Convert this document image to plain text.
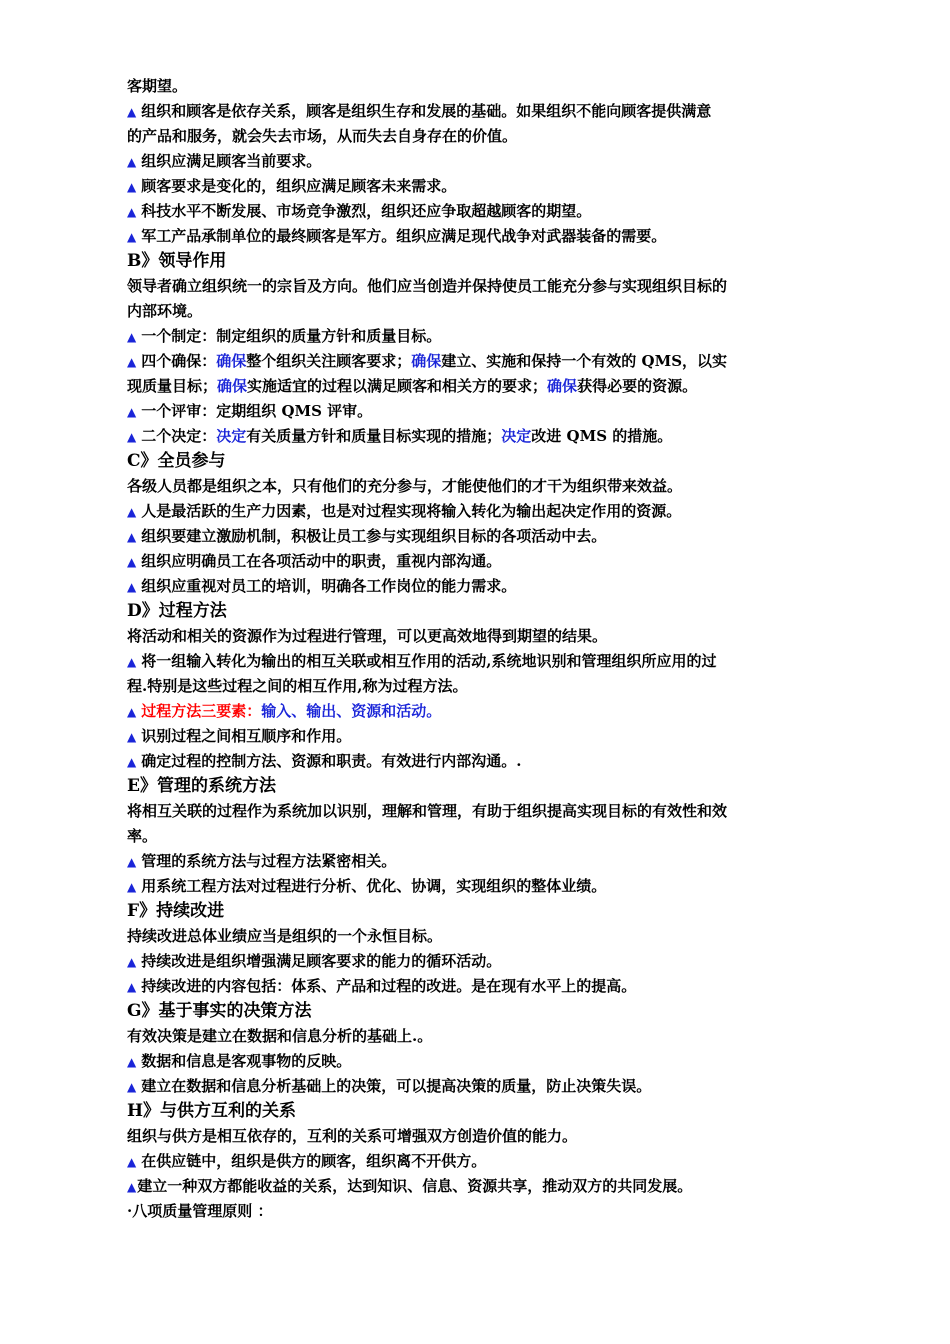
客期望。
▲ 组织和顾客是依存关系，顾客是组织生存和发展的基础。如果组织不能向顾客提供满意
的产品和服务，就会失去市场，从而失去自身存在的价值。
▲ 组织应满足顾客当前要求。
▲ 顾客要求是变化的，组织应满足顾客未来需求。
▲ 科技水平不断发展、市场竞争激烈，组织还应争取超越顾客的期望。
▲ 军工产品承制单位的最终顾客是军方。组织应满足现代战争对武器装备的需要。
B》领导作用
领导者确立组织统一的宗旨及方向。他们应当创造并保持使员工能充分参与实现组织目标的
内部环境。
▲ 一个制定：制定组织的质量方针和质量目标。
▲ 四个确保：确保整个组织关注顾客要求；确保建立、实施和保持一个有效的 QMS，以实
现质量目标；确保实施适宜的过程以满足顾客和相关方的要求；确保获得必要的资源。
▲ 一个评审：定期组织 QMS 评审。
▲ 二个决定：决定有关质量方针和质量目标实现的措施；决定改进 QMS 的措施。
C》全员参与
各级人员都是组织之本，只有他们的充分参与，才能使他们的才干为组织带来效益。
▲ 人是最活跃的生产力因素，也是对过程实现将输入转化为输出起决定作用的资源。
▲ 组织要建立激励机制，积极让员工参与实现组织目标的各项活动中去。
▲ 组织应明确员工在各项活动中的职责，重视内部沟通。
▲ 组织应重视对员工的培训，明确各工作岗位的能力需求。
D》过程方法
将活动和相关的资源作为过程进行管理，可以更高效地得到期望的结果。
▲ 将一组输入转化为输出的相互关联或相互作用的活动,系统地识别和管理组织所应用的过
程.特别是这些过程之间的相互作用,称为过程方法。
▲ 过程方法三要素：输入、输出、资源和活动。
▲ 识别过程之间相互顺序和作用。
▲ 确定过程的控制方法、资源和职责。有效进行内部沟通。.
E》管理的系统方法
将相互关联的过程作为系统加以识别，理解和管理，有助于组织提高实现目标的有效性和效
率。
▲ 管理的系统方法与过程方法紧密相关。
▲ 用系统工程方法对过程进行分析、优化、协调，实现组织的整体业绩。
F》持续改进
持续改进总体业绩应当是组织的一个永恒目标。
▲ 持续改进是组织增强满足顾客要求的能力的循环活动。
▲ 持续改进的内容包括：体系、产品和过程的改进。是在现有水平上的提高。
G》基于事实的决策方法
有效决策是建立在数据和信息分析的基础上.。
▲ 数据和信息是客观事物的反映。
▲ 建立在数据和信息分析基础上的决策，可以提高决策的质量，防止决策失误。
H》与供方互利的关系
组织与供方是相互依存的，互利的关系可增强双方创造价值的能力。
▲ 在供应链中，组织是供方的顾客，组织离不开供方。
▲建立一种双方都能收益的关系，达到知识、信息、资源共享，推动双方的共同发展。
·八项质量管理原则 ：
